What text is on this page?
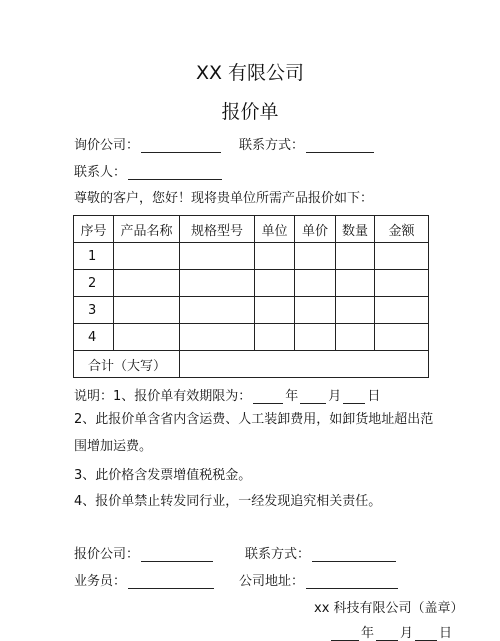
XX 有限公司
报价单
询价公司：	联系方式：
联系人：
尊敬的客户，您好！现将贵单位所需产品报价如下：
序号	产品名称	规格型号	单位	单价	数量	金额
1						
2						
3						
4						
合计（大写）						
说明：1、报价单有效期限为：	年 月 日
2、此报价单含省内含运费、人工装卸费用，如卸货地址超出范围增加运费。
3、此价格含发票增值税税金。
4、报价单禁止转发同行业，一经发现追究相关责任。
报价公司：	联系方式：
业务员：	公司地址：
xx 科技有限公司（盖章）
年 月 日
